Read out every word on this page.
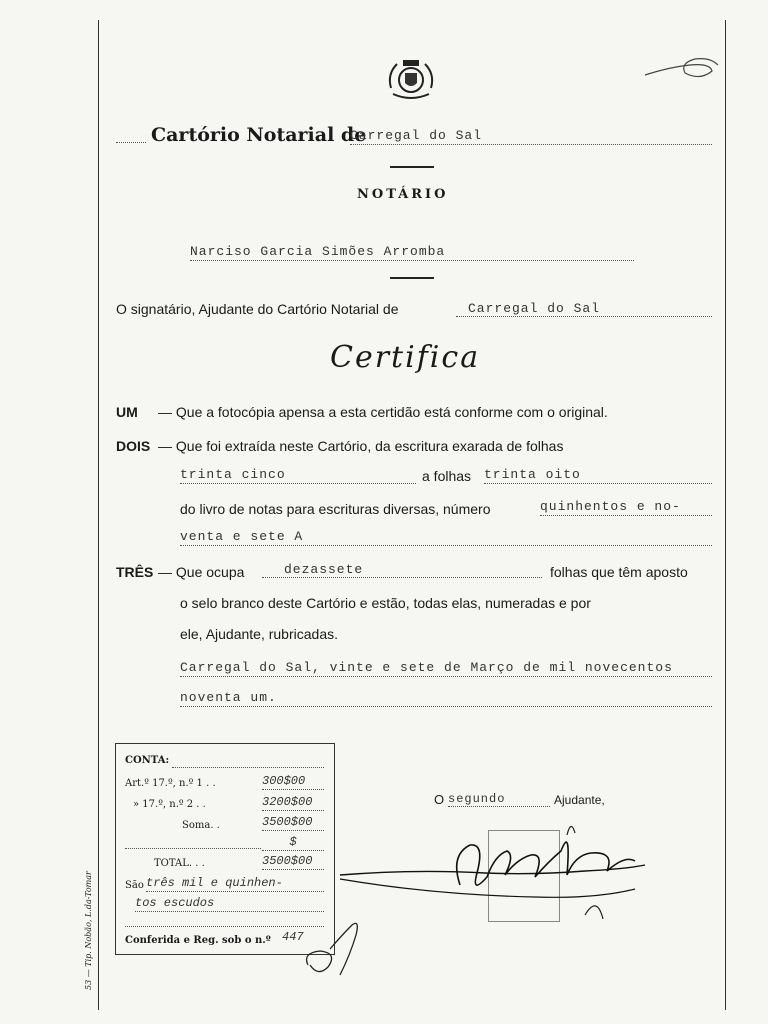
Cartório Notarial de
Carregal do Sal
NOTÁRIO
Narciso Garcia Simões Arromba
O signatário, Ajudante do Cartório Notarial de	Carregal do Sal
Certifica
UM — Que a fotocópia apensa a esta certidão está conforme com o original.
DOIS — Que foi extraída neste Cartório, da escritura exarada de folhas
trinta cinco	a folhas trinta oito
do livro de notas para escrituras diversas, número	quinhentos e no-
venta e sete A
TRÊS — Que ocupa	dezassete	folhas que têm aposto
o selo branco deste Cartório e estão, todas elas, numeradas e por
ele, Ajudante, rubricadas.
Carregal do Sal, vinte e sete de Março de mil novecentos
noventa um.
CONTA:
Art.º 17.º, n.º 1 . .	300$00
» 17.º, n.º 2 . .	3200$00
Soma. .	3500$00
$
TOTAL. . .	3500$00
São três mil e quinhen-
tos escudos
Conferida e Reg. sob o n.º 447
O segundo	Ajudante,
53 — Tip. Nobão, L.da-Tomar
